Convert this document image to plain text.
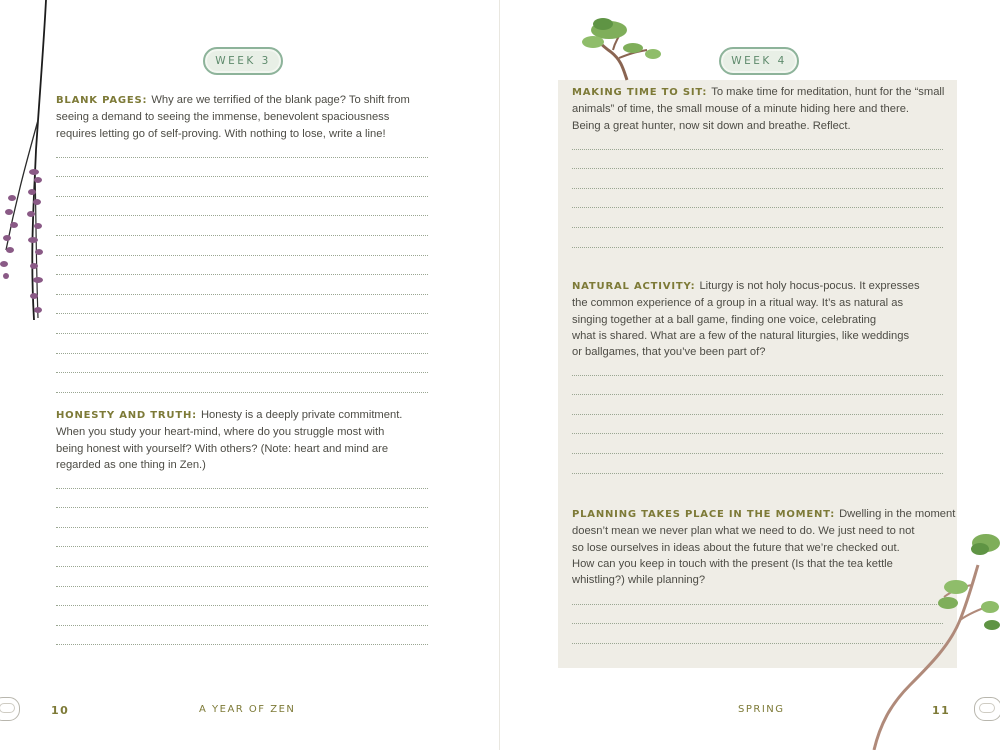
WEEK 3
BLANK PAGES: Why are we terrified of the blank page? To shift from
seeing a demand to seeing the immense, benevolent spaciousness
requires letting go of self-proving. With nothing to lose, write a line!
HONESTY AND TRUTH: Honesty is a deeply private commitment.
When you study your heart-mind, where do you struggle most with
being honest with yourself? With others? (Note: heart and mind are
regarded as one thing in Zen.)
10	A YEAR OF ZEN
WEEK 4
MAKING TIME TO SIT: To make time for meditation, hunt for the “small
animals” of time, the small mouse of a minute hiding here and there.
Being a great hunter, now sit down and breathe. Reflect.
NATURAL ACTIVITY: Liturgy is not holy hocus-pocus. It expresses
the common experience of a group in a ritual way. It’s as natural as
singing together at a ball game, finding one voice, celebrating
what is shared. What are a few of the natural liturgies, like weddings
or ballgames, that you’ve been part of?
PLANNING TAKES PLACE IN THE MOMENT: Dwelling in the moment
doesn’t mean we never plan what we need to do. We just need to not
so lose ourselves in ideas about the future that we’re checked out.
How can you keep in touch with the present (Is that the tea kettle
whistling?) while planning?
SPRING	11
